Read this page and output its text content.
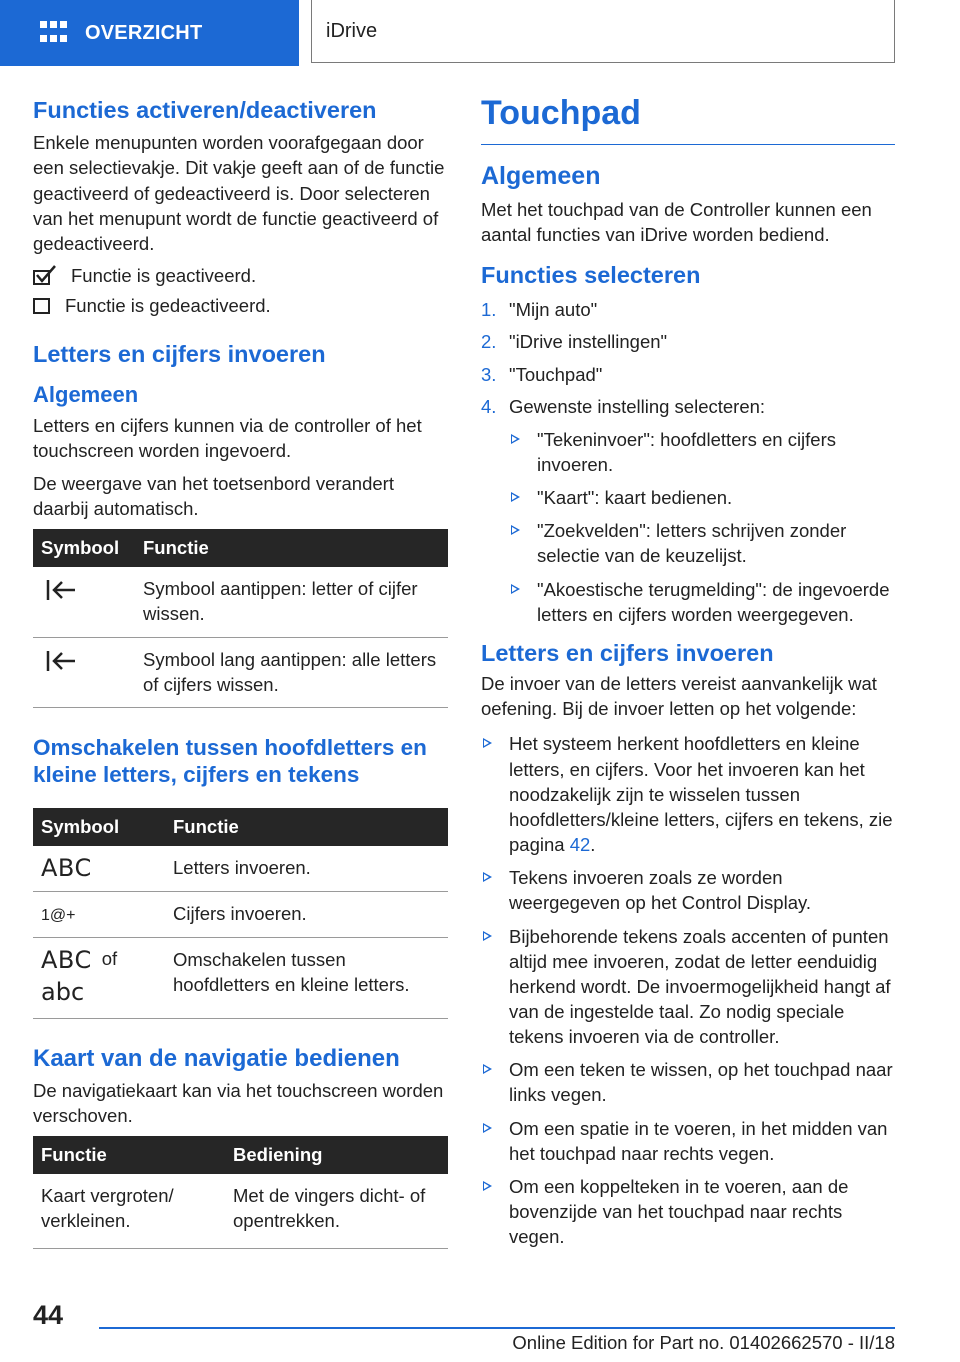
OVERZICHT	iDrive
Functies activeren/deactiveren

Enkele menupunten worden voorafgegaan door een selectievakje. Dit vakje geeft aan of de functie geactiveerd of gedeactiveerd is. Door selecteren van het menupunt wordt de functie geactiveerd of gedeactiveerd.

Functie is geactiveerd.
Functie is gedeactiveerd.
Letters en cijfers invoeren
Algemeen

Letters en cijfers kunnen via de controller of het touchscreen worden ingevoerd.

De weergave van het toetsenbord verandert daarbij automatisch.

Symbool	Functie
	Symbool aantippen: letter of cijfer wissen.
	Symbool lang aantippen: alle letters of cijfers wissen.
Omschakelen tussen hoofdletters en kleine letters, cijfers en tekens
Symbool	Functie
ABC	Letters invoeren.
1@+	Cijfers invoeren.

ABC of
abc	Omschakelen tussen hoofdletters en kleine letters.
Kaart van de navigatie bedienen

De navigatiekaart kan via het touchscreen worden verschoven.

Functie	Bediening
Kaart vergroten/ verkleinen.	Met de vingers dicht- of opentrekken.
Touchpad
Algemeen

Met het touchpad van de Controller kunnen een aantal functies van iDrive worden bediend.

Functies selecteren
1. "Mijn auto"
2. "iDrive instellingen"
3. "Touchpad"
4. Gewenste instelling selecteren:
"Tekeninvoer": hoofdletters en cijfers invoeren.
"Kaart": kaart bedienen.
"Zoekvelden": letters schrijven zonder selectie van de keuzelijst.
"Akoestische terugmelding": de ingevoerde letters en cijfers worden weergegeven.
Letters en cijfers invoeren

De invoer van de letters vereist aanvankelijk wat oefening. Bij de invoer letten op het volgende:

Het systeem herkent hoofdletters en kleine letters, en cijfers. Voor het invoeren kan het noodzakelijk zijn te wisselen tussen hoofdletters/kleine letters, cijfers en tekens, zie pagina 42.
Tekens invoeren zoals ze worden weergegeven op het Control Display.
Bijbehorende tekens zoals accenten of punten altijd mee invoeren, zodat de letter eenduidig herkend wordt. De invoermogelijkheid hangt af van de ingestelde taal. Zo nodig speciale tekens invoeren via de controller.
Om een teken te wissen, op het touchpad naar links vegen.
Om een spatie in te voeren, in het midden van het touchpad naar rechts vegen.
Om een koppelteken in te voeren, aan de bovenzijde van het touchpad naar rechts vegen.
44
Online Edition for Part no. 01402662570 - II/18
